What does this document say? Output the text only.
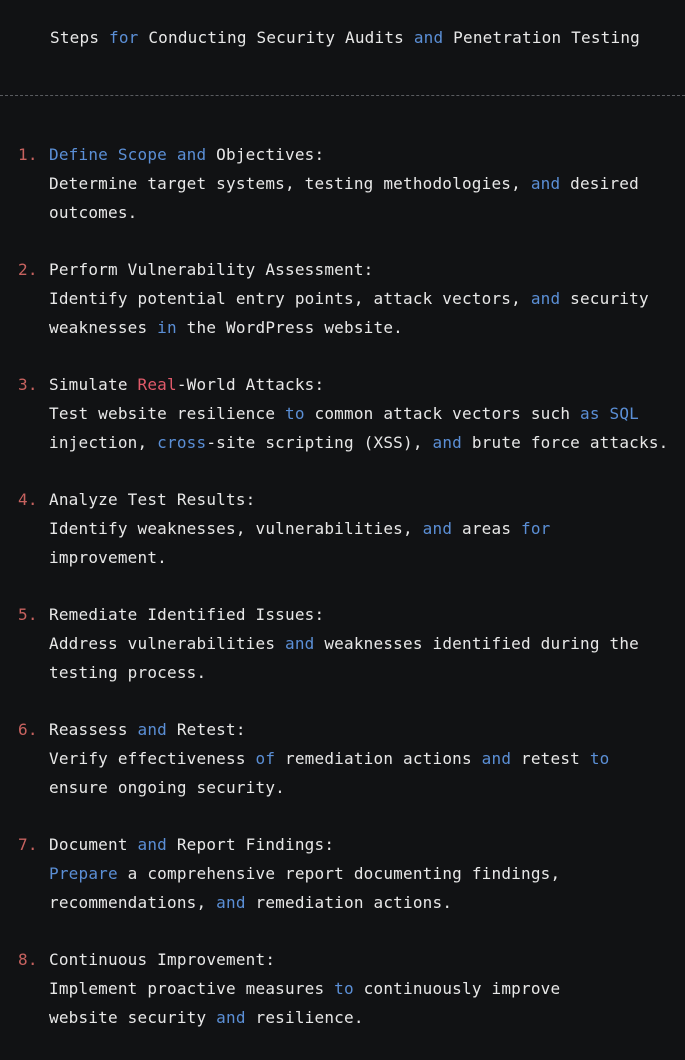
Steps for Conducting Security Audits and Penetration Testing
1. Define Scope and Objectives:
Determine target systems, testing methodologies, and desired
outcomes.
2. Perform Vulnerability Assessment:
Identify potential entry points, attack vectors, and security
weaknesses in the WordPress website.
3. Simulate Real-World Attacks:
Test website resilience to common attack vectors such as SQL
injection, cross-site scripting (XSS), and brute force attacks.
4. Analyze Test Results:
Identify weaknesses, vulnerabilities, and areas for
improvement.
5. Remediate Identified Issues:
Address vulnerabilities and weaknesses identified during the
testing process.
6. Reassess and Retest:
Verify effectiveness of remediation actions and retest to
ensure ongoing security.
7. Document and Report Findings:
Prepare a comprehensive report documenting findings,
recommendations, and remediation actions.
8. Continuous Improvement:
Implement proactive measures to continuously improve
website security and resilience.
